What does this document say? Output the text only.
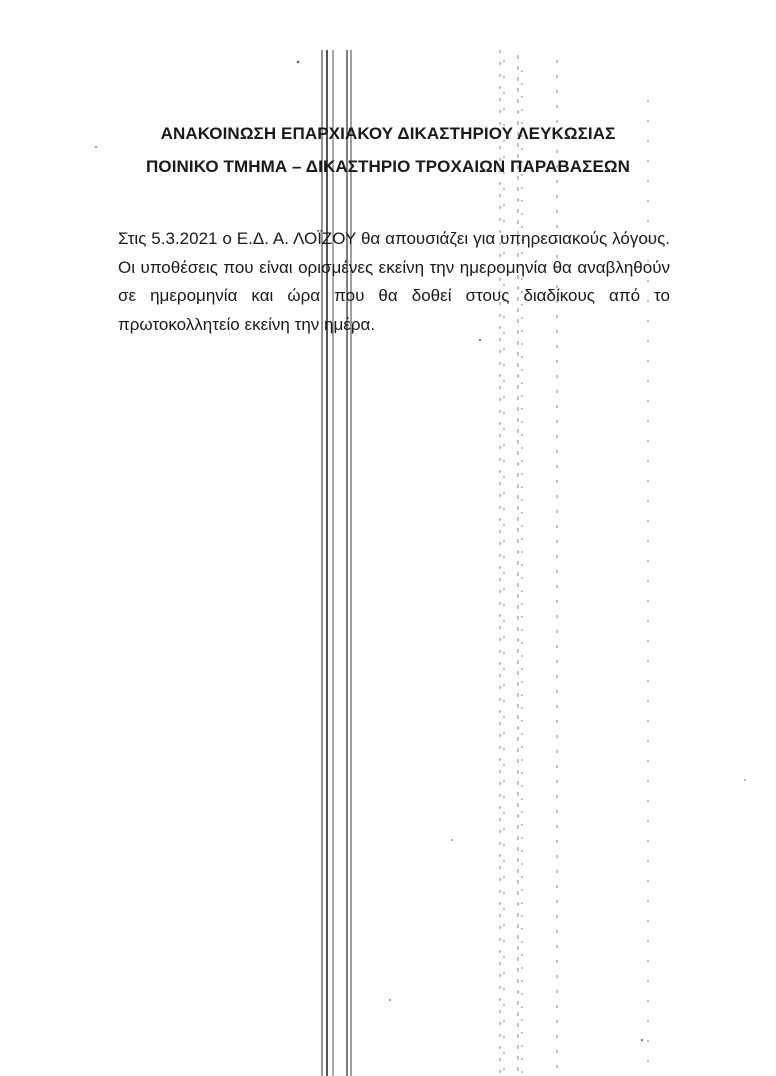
ΑΝΑΚΟΙΝΩΣΗ ΕΠΑΡΧΙΑΚΟΥ ΔΙΚΑΣΤΗΡΙΟΥ ΛΕΥΚΩΣΙΑΣ
ΠΟΙΝΙΚΟ ΤΜΗΜΑ – ΔΙΚΑΣΤΗΡΙΟ ΤΡΟΧΑΙΩΝ ΠΑΡΑΒΑΣΕΩΝ

Στις 5.3.2021 ο Ε.Δ. Α. ΛΟΪΖΟΥ θα απουσιάζει για υπηρεσιακούς λόγους. Οι υποθέσεις που είναι ορισμένες εκείνη την ημερομηνία θα αναβληθούν σε ημερομηνία και ώρα που θα δοθεί στους διαδίκους από το πρωτοκολλητείο εκείνη την ημέρα.
